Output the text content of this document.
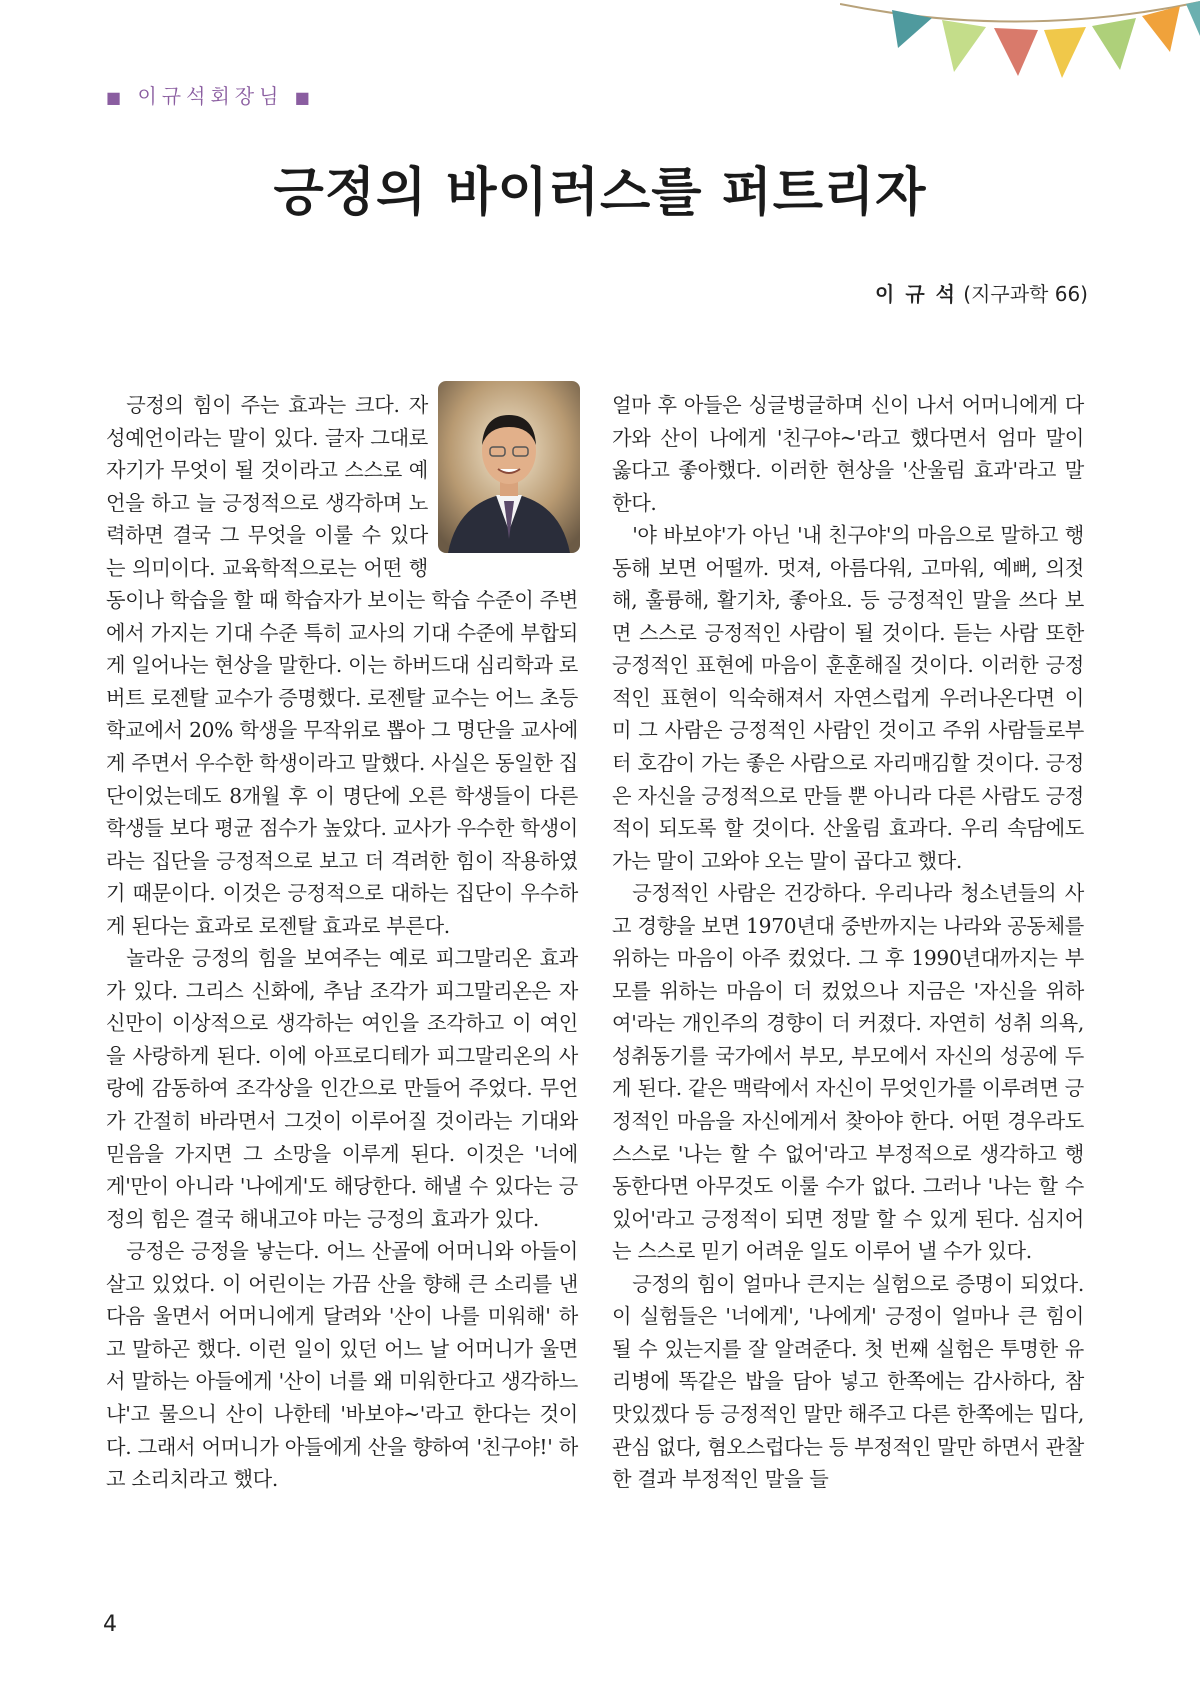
■ 이규석회장님 ■
긍정의 바이러스를 퍼트리자
이 규 석 (지구과학 66)

긍정의 힘이 주는 효과는 크다. 자성예언이라는 말이 있다. 글자 그대로 자기가 무엇이 될 것이라고 스스로 예언을 하고 늘 긍정적으로 생각하며 노력하면 결국 그 무엇을 이룰 수 있다는 의미이다. 교육학적으로는 어떤 행동이나 학습을 할 때 학습자가 보이는 학습 수준이 주변에서 가지는 기대 수준 특히 교사의 기대 수준에 부합되게 일어나는 현상을 말한다. 이는 하버드대 심리학과 로버트 로젠탈 교수가 증명했다. 로젠탈 교수는 어느 초등학교에서 20% 학생을 무작위로 뽑아 그 명단을 교사에게 주면서 우수한 학생이라고 말했다. 사실은 동일한 집단이었는데도 8개월 후 이 명단에 오른 학생들이 다른 학생들 보다 평균 점수가 높았다. 교사가 우수한 학생이라는 집단을 긍정적으로 보고 더 격려한 힘이 작용하였기 때문이다. 이것은 긍정적으로 대하는 집단이 우수하게 된다는 효과로 로젠탈 효과로 부른다.

놀라운 긍정의 힘을 보여주는 예로 피그말리온 효과가 있다. 그리스 신화에, 추남 조각가 피그말리온은 자신만이 이상적으로 생각하는 여인을 조각하고 이 여인을 사랑하게 된다. 이에 아프로디테가 피그말리온의 사랑에 감동하여 조각상을 인간으로 만들어 주었다. 무언가 간절히 바라면서 그것이 이루어질 것이라는 기대와 믿음을 가지면 그 소망을 이루게 된다. 이것은 '너에게'만이 아니라 '나에게'도 해당한다. 해낼 수 있다는 긍정의 힘은 결국 해내고야 마는 긍정의 효과가 있다.

긍정은 긍정을 낳는다. 어느 산골에 어머니와 아들이 살고 있었다. 이 어린이는 가끔 산을 향해 큰 소리를 낸 다음 울면서 어머니에게 달려와 '산이 나를 미워해' 하고 말하곤 했다. 이런 일이 있던 어느 날 어머니가 울면서 말하는 아들에게 '산이 너를 왜 미워한다고 생각하느냐'고 물으니 산이 나한테 '바보야~'라고 한다는 것이다. 그래서 어머니가 아들에게 산을 향하여 '친구야!' 하고 소리치라고 했다.

얼마 후 아들은 싱글벙글하며 신이 나서 어머니에게 다가와 산이 나에게 '친구야~'라고 했다면서 엄마 말이 옳다고 좋아했다. 이러한 현상을 '산울림 효과'라고 말한다.

'야 바보야'가 아닌 '내 친구야'의 마음으로 말하고 행동해 보면 어떨까. 멋져, 아름다워, 고마워, 예뻐, 의젓해, 훌륭해, 활기차, 좋아요. 등 긍정적인 말을 쓰다 보면 스스로 긍정적인 사람이 될 것이다. 듣는 사람 또한 긍정적인 표현에 마음이 훈훈해질 것이다. 이러한 긍정적인 표현이 익숙해져서 자연스럽게 우러나온다면 이미 그 사람은 긍정적인 사람인 것이고 주위 사람들로부터 호감이 가는 좋은 사람으로 자리매김할 것이다. 긍정은 자신을 긍정적으로 만들 뿐 아니라 다른 사람도 긍정적이 되도록 할 것이다. 산울림 효과다. 우리 속담에도 가는 말이 고와야 오는 말이 곱다고 했다.

긍정적인 사람은 건강하다. 우리나라 청소년들의 사고 경향을 보면 1970년대 중반까지는 나라와 공동체를 위하는 마음이 아주 컸었다. 그 후 1990년대까지는 부모를 위하는 마음이 더 컸었으나 지금은 '자신을 위하여'라는 개인주의 경향이 더 커졌다. 자연히 성취 의욕, 성취동기를 국가에서 부모, 부모에서 자신의 성공에 두게 된다. 같은 맥락에서 자신이 무엇인가를 이루려면 긍정적인 마음을 자신에게서 찾아야 한다. 어떤 경우라도 스스로 '나는 할 수 없어'라고 부정적으로 생각하고 행동한다면 아무것도 이룰 수가 없다. 그러나 '나는 할 수 있어'라고 긍정적이 되면 정말 할 수 있게 된다. 심지어는 스스로 믿기 어려운 일도 이루어 낼 수가 있다.

긍정의 힘이 얼마나 큰지는 실험으로 증명이 되었다. 이 실험들은 '너에게', '나에게' 긍정이 얼마나 큰 힘이 될 수 있는지를 잘 알려준다. 첫 번째 실험은 투명한 유리병에 똑같은 밥을 담아 넣고 한쪽에는 감사하다, 참 맛있겠다 등 긍정적인 말만 해주고 다른 한쪽에는 밉다, 관심 없다, 혐오스럽다는 등 부정적인 말만 하면서 관찰한 결과 부정적인 말을 들

4
